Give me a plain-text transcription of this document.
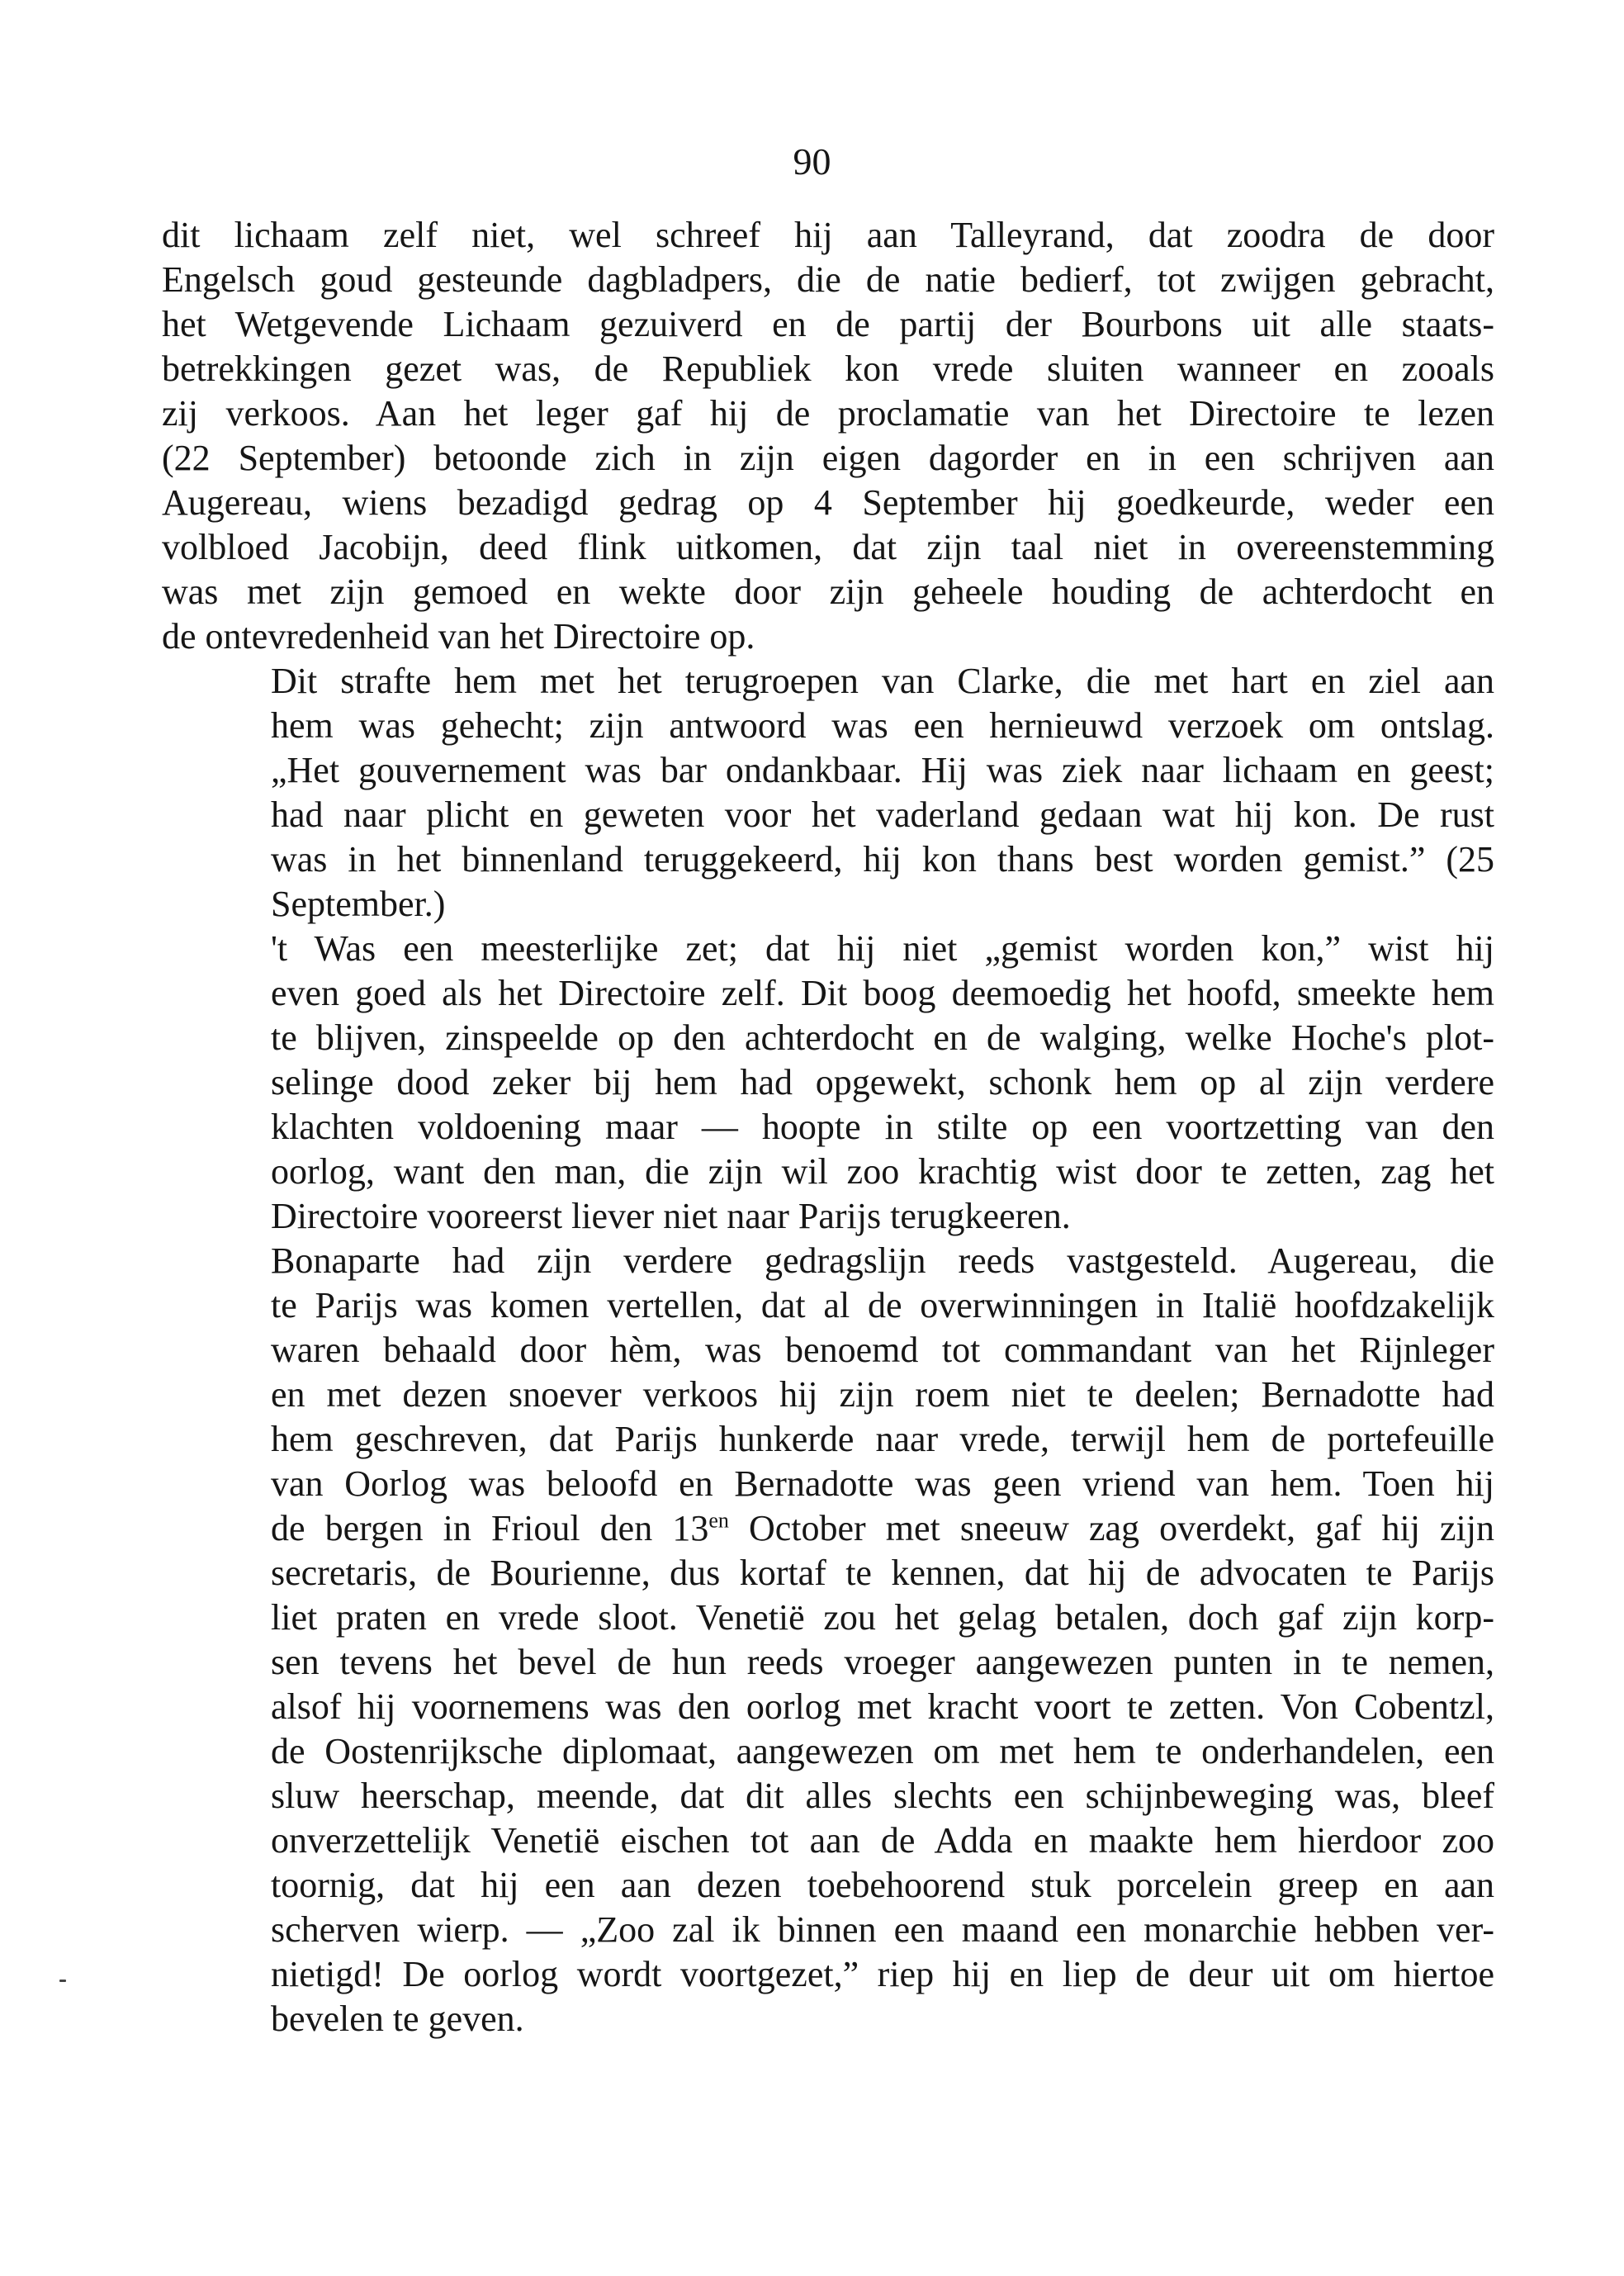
90

dit lichaam zelf niet, wel schreef hij aan Talleyrand, dat zoodra de door
Engelsch goud gesteunde dagbladpers, die de natie bedierf, tot zwijgen gebracht,
het Wetgevende Lichaam gezuiverd en de partij der Bourbons uit alle staats-
betrekkingen gezet was, de Republiek kon vrede sluiten wanneer en zooals
zij verkoos. Aan het leger gaf hij de proclamatie van het Directoire te lezen
(22 September) betoonde zich in zijn eigen dagorder en in een schrijven aan
Augereau, wiens bezadigd gedrag op 4 September hij goedkeurde, weder een
volbloed Jacobijn, deed flink uitkomen, dat zijn taal niet in overeenstemming
was met zijn gemoed en wekte door zijn geheele houding de achterdocht en
de ontevredenheid van het Directoire op.

Dit strafte hem met het terugroepen van Clarke, die met hart en ziel aan
hem was gehecht; zijn antwoord was een hernieuwd verzoek om ontslag.
„Het gouvernement was bar ondankbaar. Hij was ziek naar lichaam en geest;
had naar plicht en geweten voor het vaderland gedaan wat hij kon. De rust
was in het binnenland teruggekeerd, hij kon thans best worden gemist.” (25
September.)

't Was een meesterlijke zet; dat hij niet „gemist worden kon,” wist hij
even goed als het Directoire zelf. Dit boog deemoedig het hoofd, smeekte hem
te blijven, zinspeelde op den achterdocht en de walging, welke Hoche's plot-
selinge dood zeker bij hem had opgewekt, schonk hem op al zijn verdere
klachten voldoening maar — hoopte in stilte op een voortzetting van den
oorlog, want den man, die zijn wil zoo krachtig wist door te zetten, zag het
Directoire vooreerst liever niet naar Parijs terugkeeren.

Bonaparte had zijn verdere gedragslijn reeds vastgesteld. Augereau, die
te Parijs was komen vertellen, dat al de overwinningen in Italië hoofdzakelijk
waren behaald door hèm, was benoemd tot commandant van het Rijnleger
en met dezen snoever verkoos hij zijn roem niet te deelen; Bernadotte had
hem geschreven, dat Parijs hunkerde naar vrede, terwijl hem de portefeuille
van Oorlog was beloofd en Bernadotte was geen vriend van hem. Toen hij
de bergen in Frioul den $13^{en}$ October met sneeuw zag overdekt, gaf hij zijn
secretaris, de Bourienne, dus kortaf te kennen, dat hij de advocaten te Parijs
liet praten en vrede sloot. Venetië zou het gelag betalen, doch gaf zijn korp-
sen tevens het bevel de hun reeds vroeger aangewezen punten in te nemen,
alsof hij voornemens was den oorlog met kracht voort te zetten. Von Cobentzl,
de Oostenrijksche diplomaat, aangewezen om met hem te onderhandelen, een
sluw heerschap, meende, dat dit alles slechts een schijnbeweging was, bleef
onverzettelijk Venetië eischen tot aan de Adda en maakte hem hierdoor zoo
toornig, dat hij een aan dezen toebehoorend stuk porcelein greep en aan
scherven wierp. — „Zoo zal ik binnen een maand een monarchie hebben ver-
nietigd! De oorlog wordt voortgezet,” riep hij en liep de deur uit om hiertoe
bevelen te geven.
